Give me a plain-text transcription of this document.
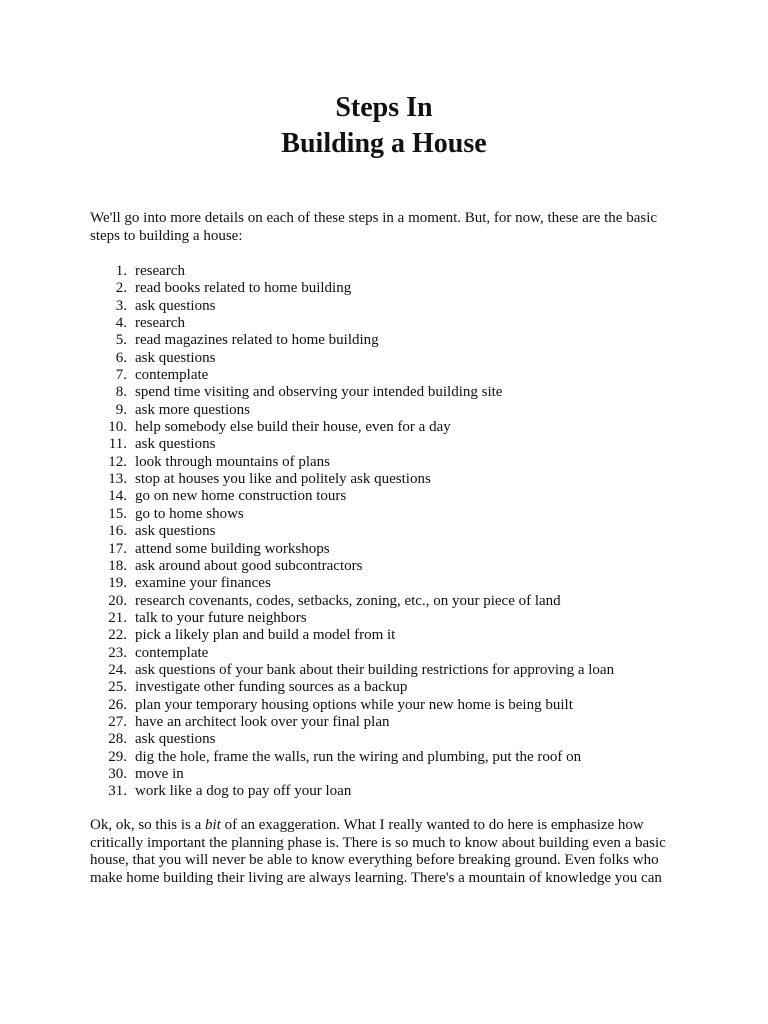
Steps In
Building a House

We'll go into more details on each of these steps in a moment. But, for now, these are the basic
steps to building a house:

1. research
2. read books related to home building
3. ask questions
4. research
5. read magazines related to home building
6. ask questions
7. contemplate
8. spend time visiting and observing your intended building site
9. ask more questions
10. help somebody else build their house, even for a day
11. ask questions
12. look through mountains of plans
13. stop at houses you like and politely ask questions
14. go on new home construction tours
15. go to home shows
16. ask questions
17. attend some building workshops
18. ask around about good subcontractors
19. examine your finances
20. research covenants, codes, setbacks, zoning, etc., on your piece of land
21. talk to your future neighbors
22. pick a likely plan and build a model from it
23. contemplate
24. ask questions of your bank about their building restrictions for approving a loan
25. investigate other funding sources as a backup
26. plan your temporary housing options while your new home is being built
27. have an architect look over your final plan
28. ask questions
29. dig the hole, frame the walls, run the wiring and plumbing, put the roof on
30. move in
31. work like a dog to pay off your loan

Ok, ok, so this is a bit of an exaggeration. What I really wanted to do here is emphasize how
critically important the planning phase is. There is so much to know about building even a basic
house, that you will never be able to know everything before breaking ground. Even folks who
make home building their living are always learning. There's a mountain of knowledge you can
